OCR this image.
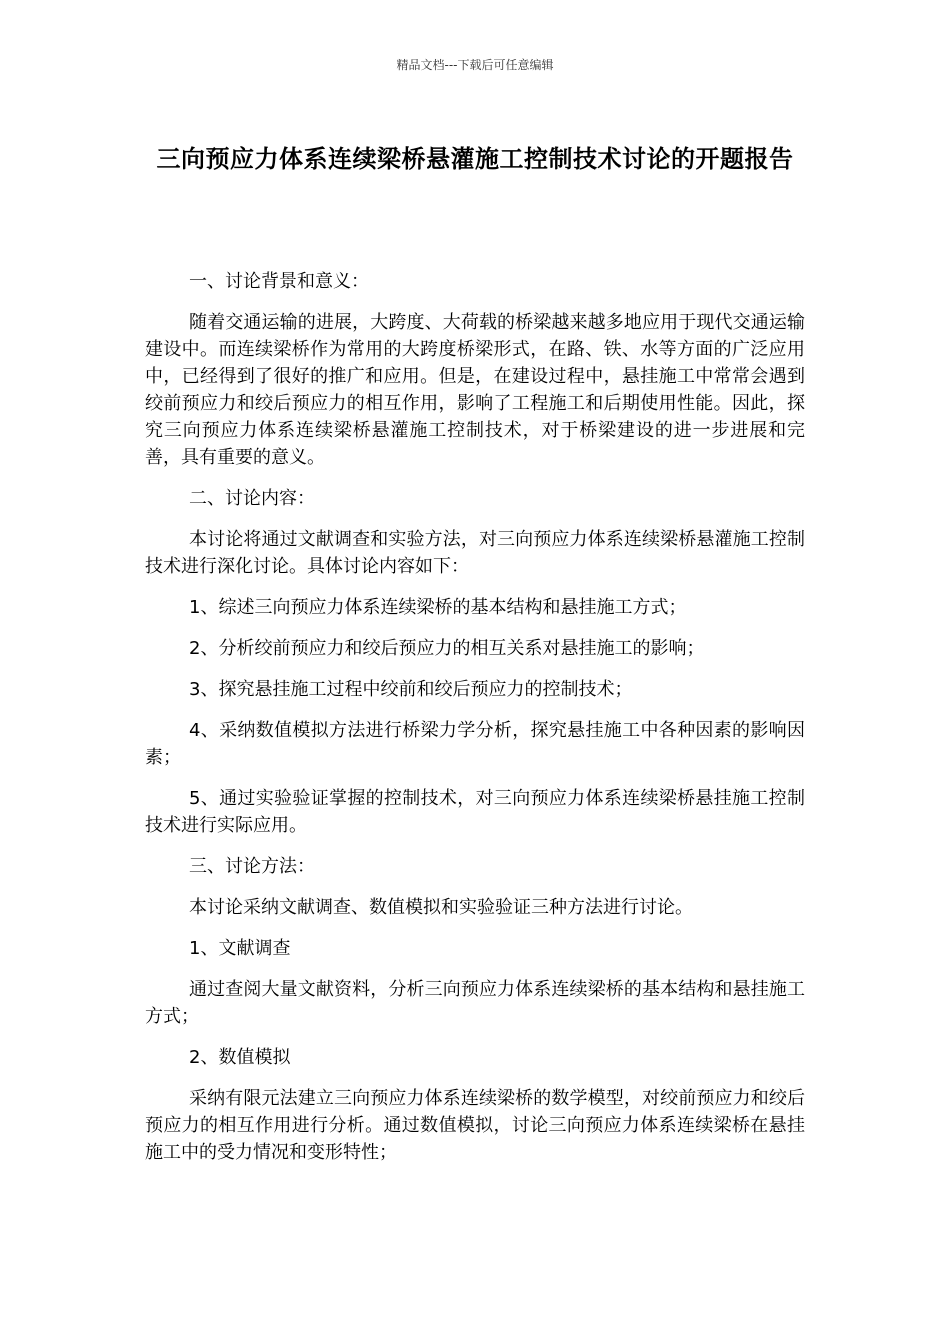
精品文档---下载后可任意编辑
三向预应力体系连续梁桥悬灌施工控制技术讨论的开题报告

一、讨论背景和意义：

随着交通运输的进展，大跨度、大荷载的桥梁越来越多地应用于现代交通运输建设中。而连续梁桥作为常用的大跨度桥梁形式，在路、铁、水等方面的广泛应用中，已经得到了很好的推广和应用。但是，在建设过程中，悬挂施工中常常会遇到绞前预应力和绞后预应力的相互作用，影响了工程施工和后期使用性能。因此，探究三向预应力体系连续梁桥悬灌施工控制技术，对于桥梁建设的进一步进展和完善，具有重要的意义。

二、讨论内容：

本讨论将通过文献调查和实验方法，对三向预应力体系连续梁桥悬灌施工控制技术进行深化讨论。具体讨论内容如下：

1、综述三向预应力体系连续梁桥的基本结构和悬挂施工方式；

2、分析绞前预应力和绞后预应力的相互关系对悬挂施工的影响；

3、探究悬挂施工过程中绞前和绞后预应力的控制技术；

4、采纳数值模拟方法进行桥梁力学分析，探究悬挂施工中各种因素的影响因素；

5、通过实验验证掌握的控制技术，对三向预应力体系连续梁桥悬挂施工控制技术进行实际应用。

三、讨论方法：

本讨论采纳文献调查、数值模拟和实验验证三种方法进行讨论。

1、文献调查

通过查阅大量文献资料，分析三向预应力体系连续梁桥的基本结构和悬挂施工方式；

2、数值模拟

采纳有限元法建立三向预应力体系连续梁桥的数学模型，对绞前预应力和绞后预应力的相互作用进行分析。通过数值模拟，讨论三向预应力体系连续梁桥在悬挂施工中的受力情况和变形特性；
